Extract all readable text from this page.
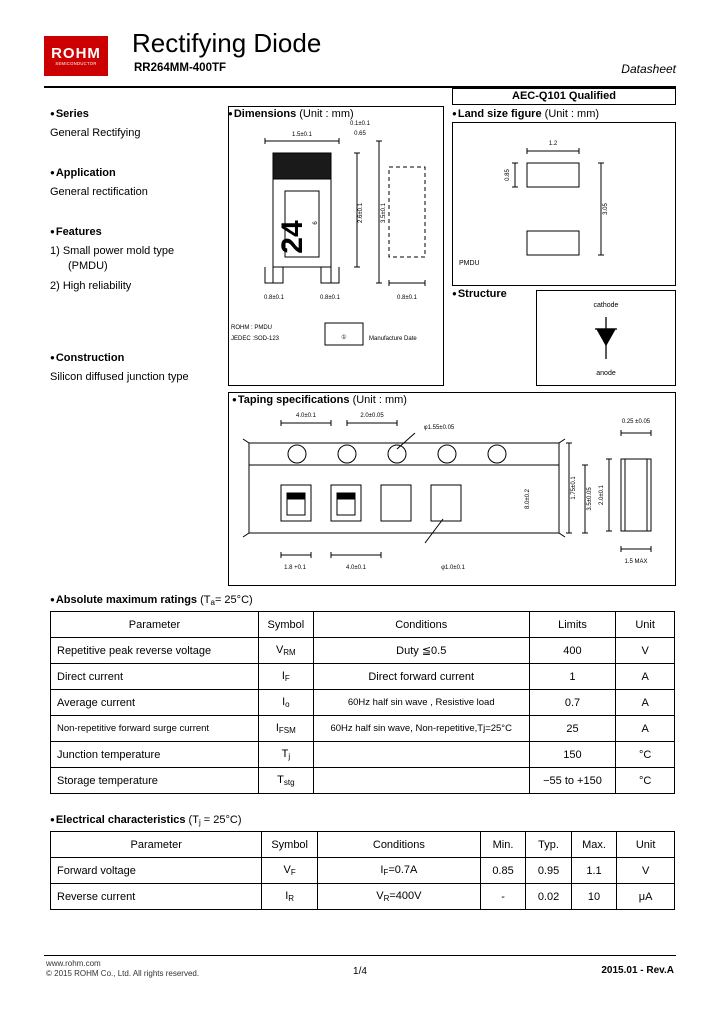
ROHM
SEMICONDUCTOR
Rectifying Diode
RR264MM-400TF	Datasheet
AEC-Q101 Qualified
● Series
General Rectifying
● Application
General rectification
● Features
1) Small power mold type
(PMDU)
2) High reliability
● Construction
Silicon diffused junction type
● Dimensions (Unit : mm)
1.5±0.1
2.6±0.1	3.5±0.1
0.1±0.1
0.65
0.8±0.1	0.8±0.1	0.8±0.1
24 6
ROHM : PMDU
JEDEC :SOD-123	①	Manufacture Date
● Land size figure (Unit : mm)
1.2
0.85
3.05
PMDU
● Structure
cathode
anode
● Taping specifications (Unit : mm)
4.0±0.1	2.0±0.05
φ1.55±0.05
1.75±0.1 3.5±0.05
1.8 +0.1	4.0±0.1	φ1.0±0.1
0.25 ±0.05
2.0±0.1
1.5 MAX
8.0±0.2
● Absolute maximum ratings $(T_a= 25^\circ C)$
Parameter	Symbol	Conditions	Limits	Unit
Repetitive peak reverse voltage	$V_{RM}$	Duty ≦0.5	400	V
Direct current	$I_F$	Direct forward current	1	A
Average current	$I_o$	60Hz half sin wave , Resistive load	0.7	A
Non-repetitive forward surge current	$I_{FSM}$	60Hz half sin wave, Non-repetitive,Tj=25°C	25	A
Junction temperature	$T_j$		150	°C
Storage temperature	$T_{stg}$		−55 to +150	°C
● Electrical characteristics $(T_j = 25^\circ C)$
Parameter	Symbol	Conditions	Min.	Typ.	Max.	Unit
Forward voltage	$V_F$	$I_F=0.7A$	0.85	0.95	1.1	V
Reverse current	$I_R$	$V_R=400V$	-	0.02	10	μA
www.rohm.com
© 2015 ROHM Co., Ltd. All rights reserved.	1/4	2015.01 - Rev.A
